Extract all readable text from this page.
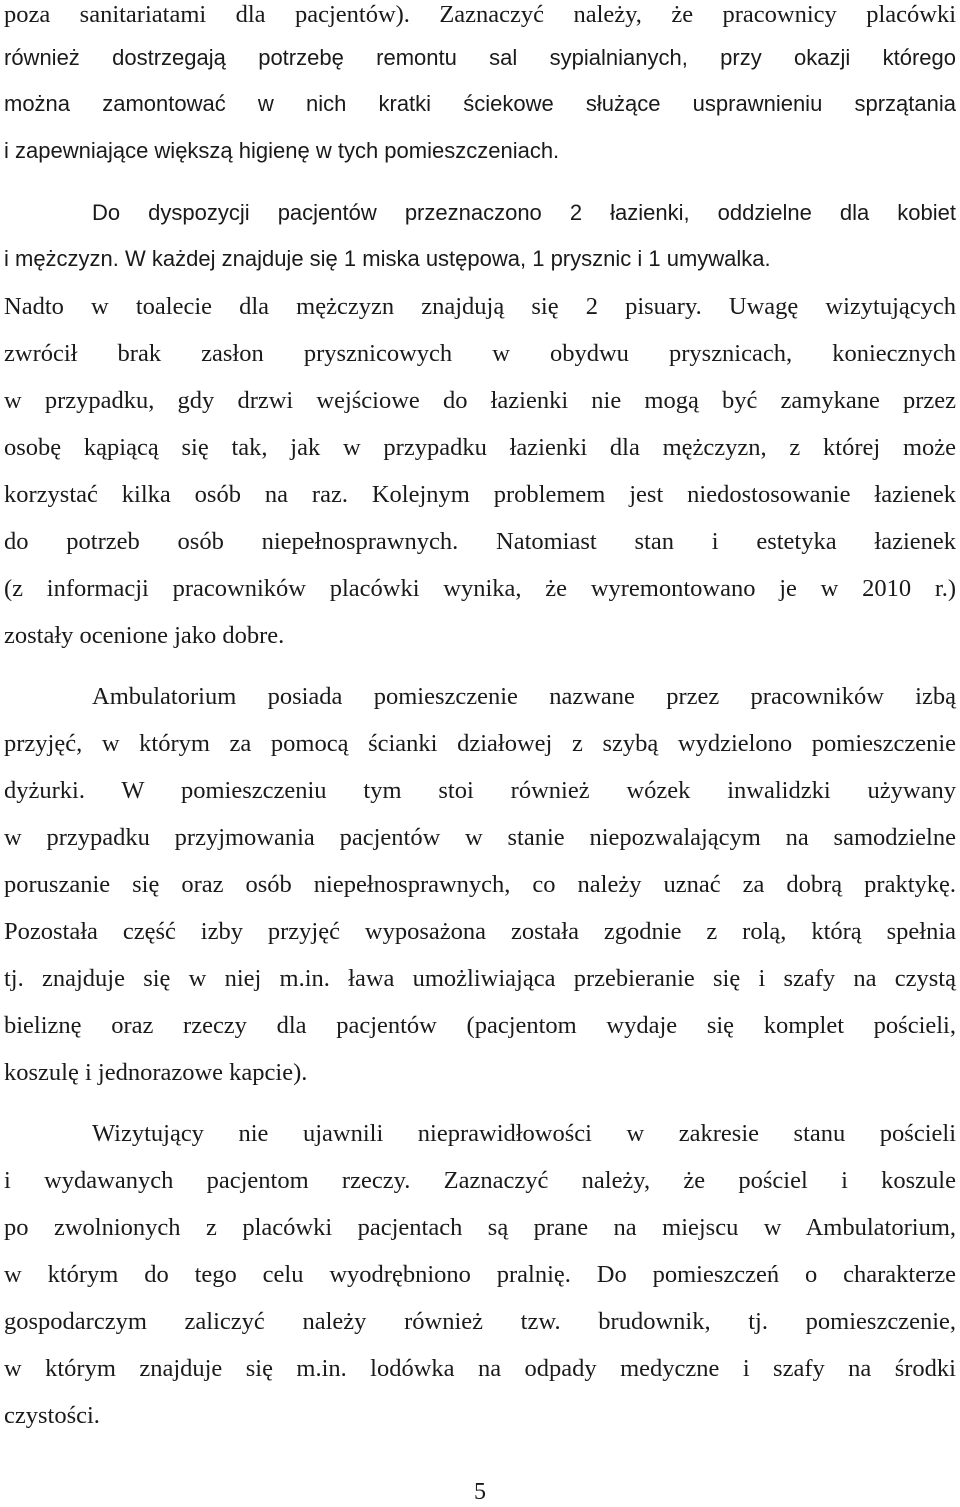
poza sanitariatami dla pacjentów). Zaznaczyć należy, że pracownicy placówki
również dostrzegają potrzebę remontu sal sypialnianych, przy okazji którego
można zamontować w nich kratki ściekowe służące usprawnieniu sprzątania
i zapewniające większą higienę w tych pomieszczeniach.
Do dyspozycji pacjentów przeznaczono 2 łazienki, oddzielne dla kobiet
i mężczyzn. W każdej znajduje się 1 miska ustępowa, 1 prysznic i 1 umywalka.
Nadto w toalecie dla mężczyzn znajdują się 2 pisuary. Uwagę wizytujących
zwrócił brak zasłon prysznicowych w obydwu prysznicach, koniecznych
w przypadku, gdy drzwi wejściowe do łazienki nie mogą być zamykane przez
osobę kąpiącą się tak, jak w przypadku łazienki dla mężczyzn, z której może
korzystać kilka osób na raz. Kolejnym problemem jest niedostosowanie łazienek
do potrzeb osób niepełnosprawnych. Natomiast stan i estetyka łazienek
(z informacji pracowników placówki wynika, że wyremontowano je w 2010 r.)
zostały ocenione jako dobre.
Ambulatorium posiada pomieszczenie nazwane przez pracowników izbą
przyjęć, w którym za pomocą ścianki działowej z szybą wydzielono pomieszczenie
dyżurki. W pomieszczeniu tym stoi również wózek inwalidzki używany
w przypadku przyjmowania pacjentów w stanie niepozwalającym na samodzielne
poruszanie się oraz osób niepełnosprawnych, co należy uznać za dobrą praktykę.
Pozostała część izby przyjęć wyposażona została zgodnie z rolą, którą spełnia
tj. znajduje się w niej m.in. ława umożliwiająca przebieranie się i szafy na czystą
bieliznę oraz rzeczy dla pacjentów (pacjentom wydaje się komplet pościeli,
koszulę i jednorazowe kapcie).
Wizytujący nie ujawnili nieprawidłowości w zakresie stanu pościeli
i wydawanych pacjentom rzeczy. Zaznaczyć należy, że pościel i koszule
po zwolnionych z placówki pacjentach są prane na miejscu w Ambulatorium,
w którym do tego celu wyodrębniono pralnię. Do pomieszczeń o charakterze
gospodarczym zaliczyć należy również tzw. brudownik, tj. pomieszczenie,
w którym znajduje się m.in. lodówka na odpady medyczne i szafy na środki
czystości.
5
